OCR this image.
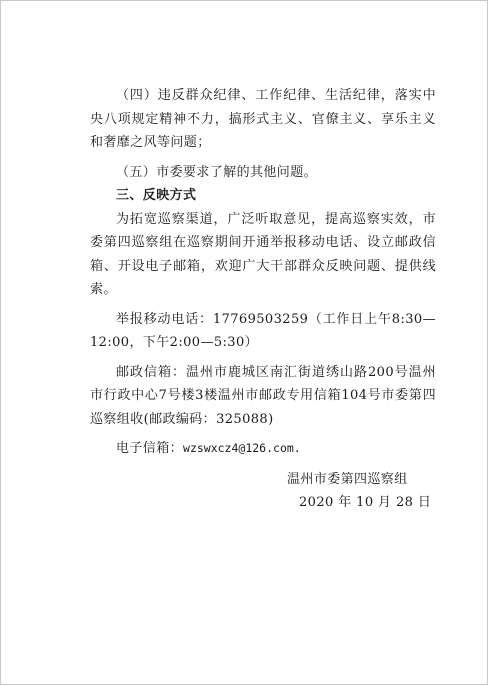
（四）违反群众纪律、工作纪律、生活纪律，落实中央八项规定精神不力，搞形式主义、官僚主义、享乐主义和奢靡之风等问题；

（五）市委要求了解的其他问题。

三、反映方式

为拓宽巡察渠道，广泛听取意见，提高巡察实效，市委第四巡察组在巡察期间开通举报移动电话、设立邮政信箱、开设电子邮箱，欢迎广大干部群众反映问题、提供线索。

举报移动电话：17769503259（工作日上午8:30—12:00，下午2:00—5:30）

邮政信箱：温州市鹿城区南汇街道绣山路200号温州市行政中心7号楼3楼温州市邮政专用信箱104号市委第四巡察组收(邮政编码：325088)

电子信箱：wzswxcz4@126.com.

温州市委第四巡察组
2020 年 10 月 28 日
